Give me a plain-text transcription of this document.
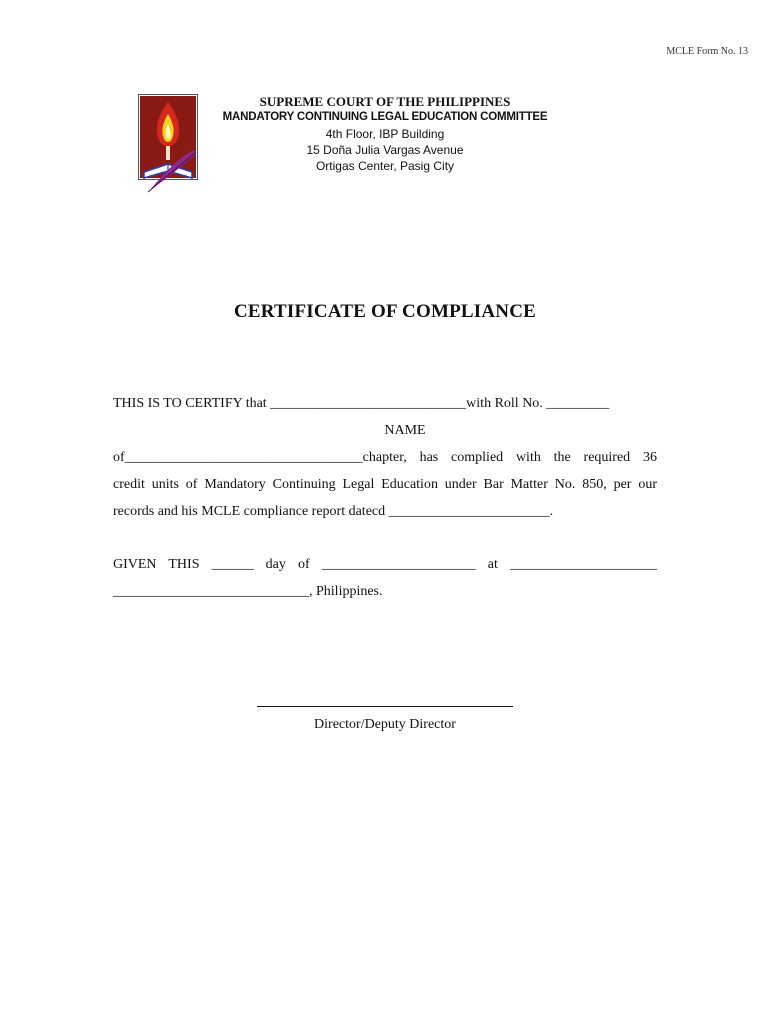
MCLE Form No. 13
SUPREME COURT OF THE PHILIPPINES
MANDATORY CONTINUING LEGAL EDUCATION COMMITTEE
4th Floor, IBP Building
15 Doña Julia Vargas Avenue
Ortigas Center, Pasig City
CERTIFICATE OF COMPLIANCE
THIS IS TO CERTIFY that ____________________________with Roll No. _________
NAME
of__________________________________chapter, has complied with the required 36
credit units of Mandatory Continuing Legal Education under Bar Matter No. 850, per our
records and his MCLE compliance report datecd _______________________.
GIVEN THIS ______ day of ______________________ at _____________________
____________________________, Philippines.
Director/Deputy Director
